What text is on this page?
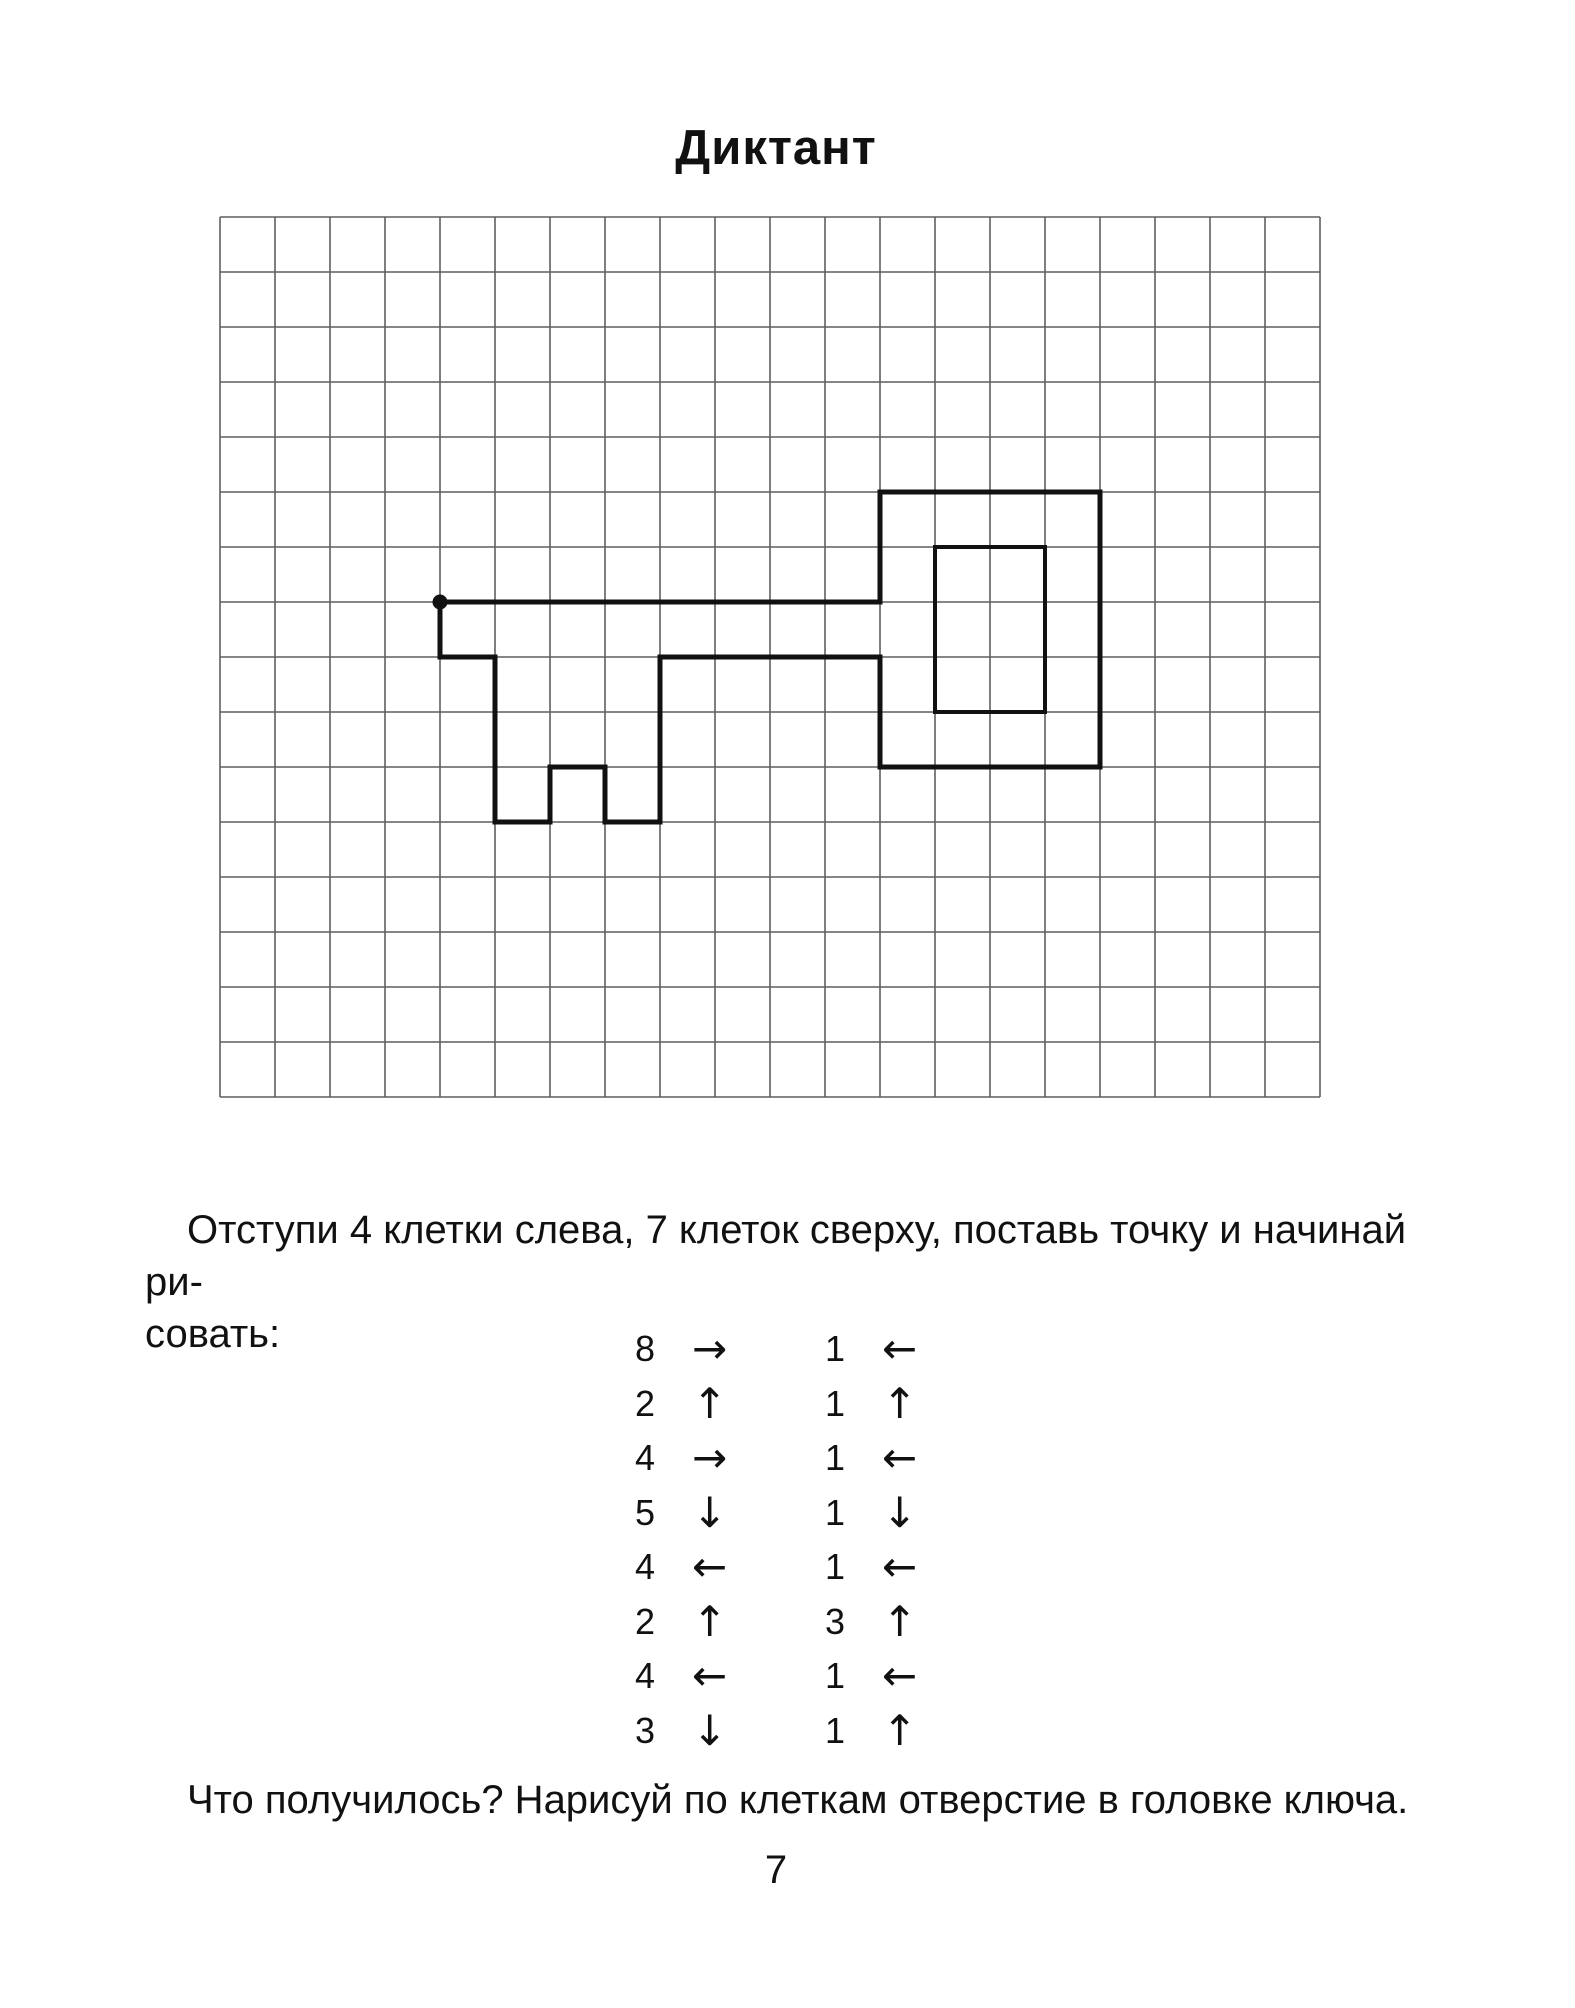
Диктант
Отступи 4 клетки слева, 7 клеток сверху, поставь точку и начинай ри-
совать:	8 →	1 ←
2 ↑	1 ↑
4 →	1 ←
5 ↓	1 ↓
4 ←	1 ←
2 ↑	3 ↑
4 ←	1 ←
3 ↓	1 ↑
Что получилось? Нарисуй по клеткам отверстие в головке ключа.
7
